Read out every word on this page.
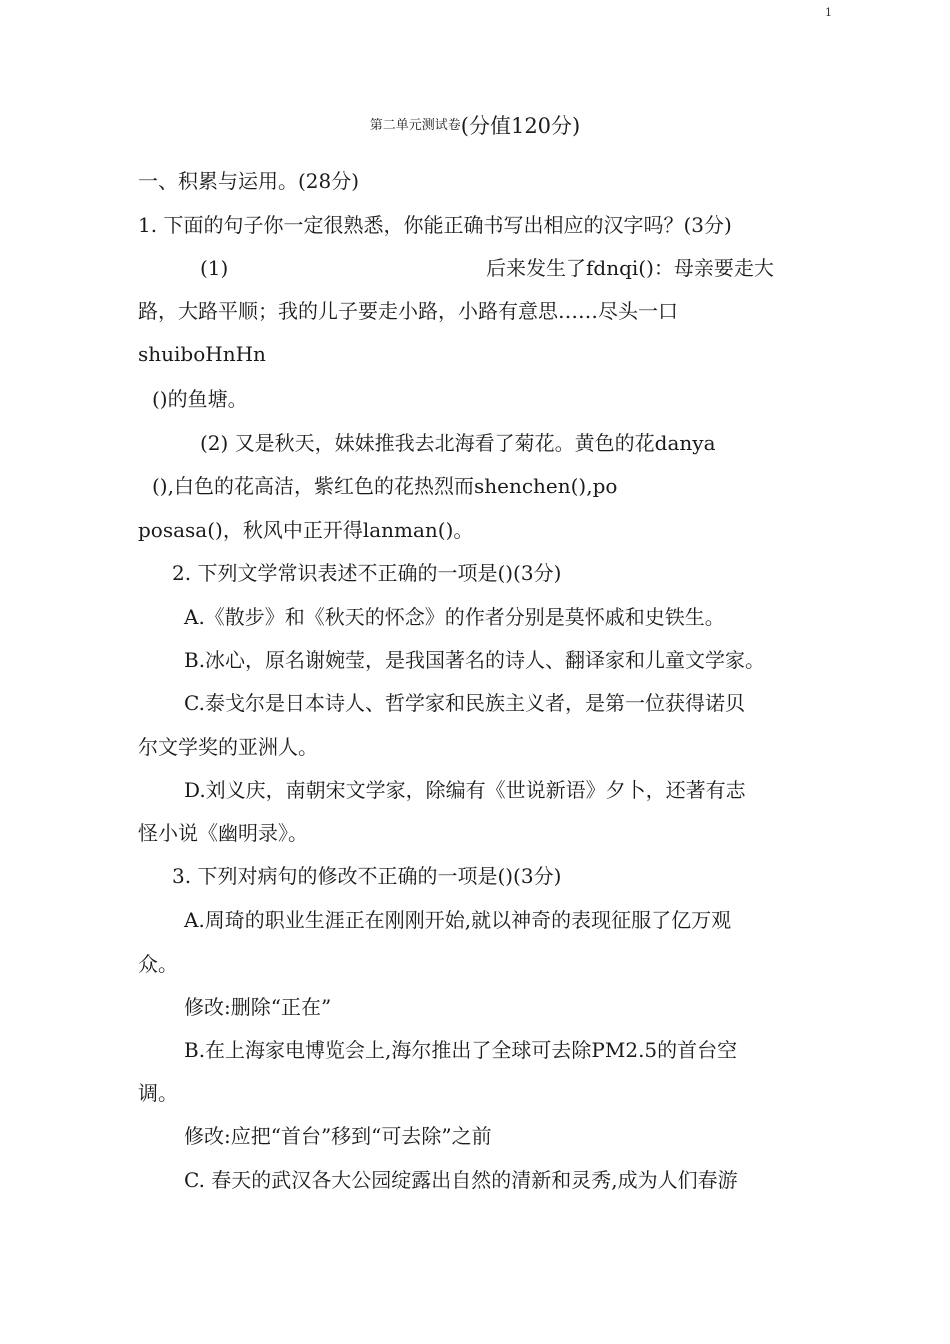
1
$^{第二单元测试卷}$(分值120分)
一、积累与运用。(28分)
1. 下面的句子你一定很熟悉，你能正确书写出相应的汉字吗？(3分)
(1)	后来发生了fdnqi()：母亲要走大
路，大路平顺；我的儿子要走小路，小路有意思……尽头一口
shuiboHnHn
()的鱼塘。
(2) 又是秋天，妹妹推我去北海看了菊花。黄色的花danya
(),白色的花高洁，紫红色的花热烈而shenchen(),po
posasa()，秋风中正开得lanman()。
2. 下列文学常识表述不正确的一项是()(3分)
A.《散步》和《秋天的怀念》的作者分别是莫怀戚和史铁生。
B.冰心，原名谢婉莹，是我国著名的诗人、翻译家和儿童文学家。
C.泰戈尔是日本诗人、哲学家和民族主义者，是第一位获得诺贝
尔文学奖的亚洲人。
D.刘义庆，南朝宋文学家，除编有《世说新语》夕卜，还著有志
怪小说《幽明录》。
3. 下列对病句的修改不正确的一项是()(3分)
A.周琦的职业生涯正在刚刚开始,就以神奇的表现征服了亿万观
众。
修改:删除“正在”
B.在上海家电博览会上,海尔推出了全球可去除PM2.5的首台空
调。
修改:应把“首台”移到“可去除”之前
C. 春天的武汉各大公园绽露出自然的清新和灵秀,成为人们春游
